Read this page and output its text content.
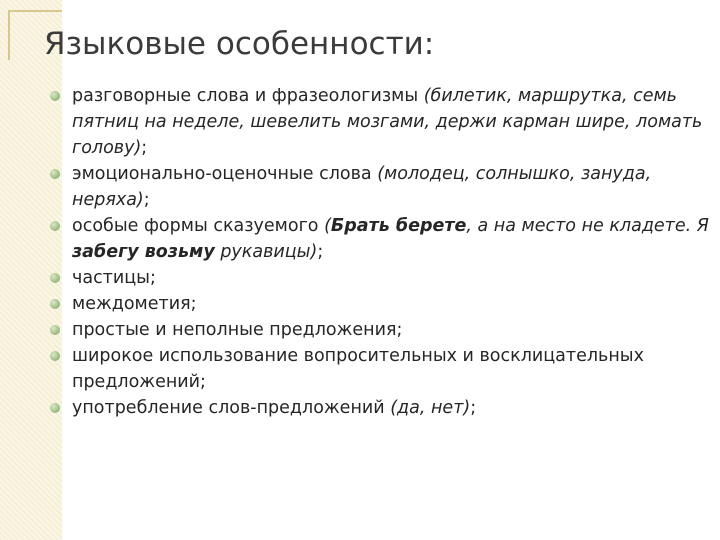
Языковые особенности:
разговорные слова и фразеологизмы (билетик, маршрутка, семь пятниц на неделе, шевелить мозгами, держи карман шире, ломать голову);
эмоционально-оценочные слова (молодец, солнышко, зануда, неряха);
особые формы сказуемого (Брать берете, а на место не кладете. Я забегу возьму рукавицы);
частицы;
междометия;
простые и неполные предложения;
широкое использование вопросительных и восклицательных предложений;
употребление слов-предложений (да, нет);
